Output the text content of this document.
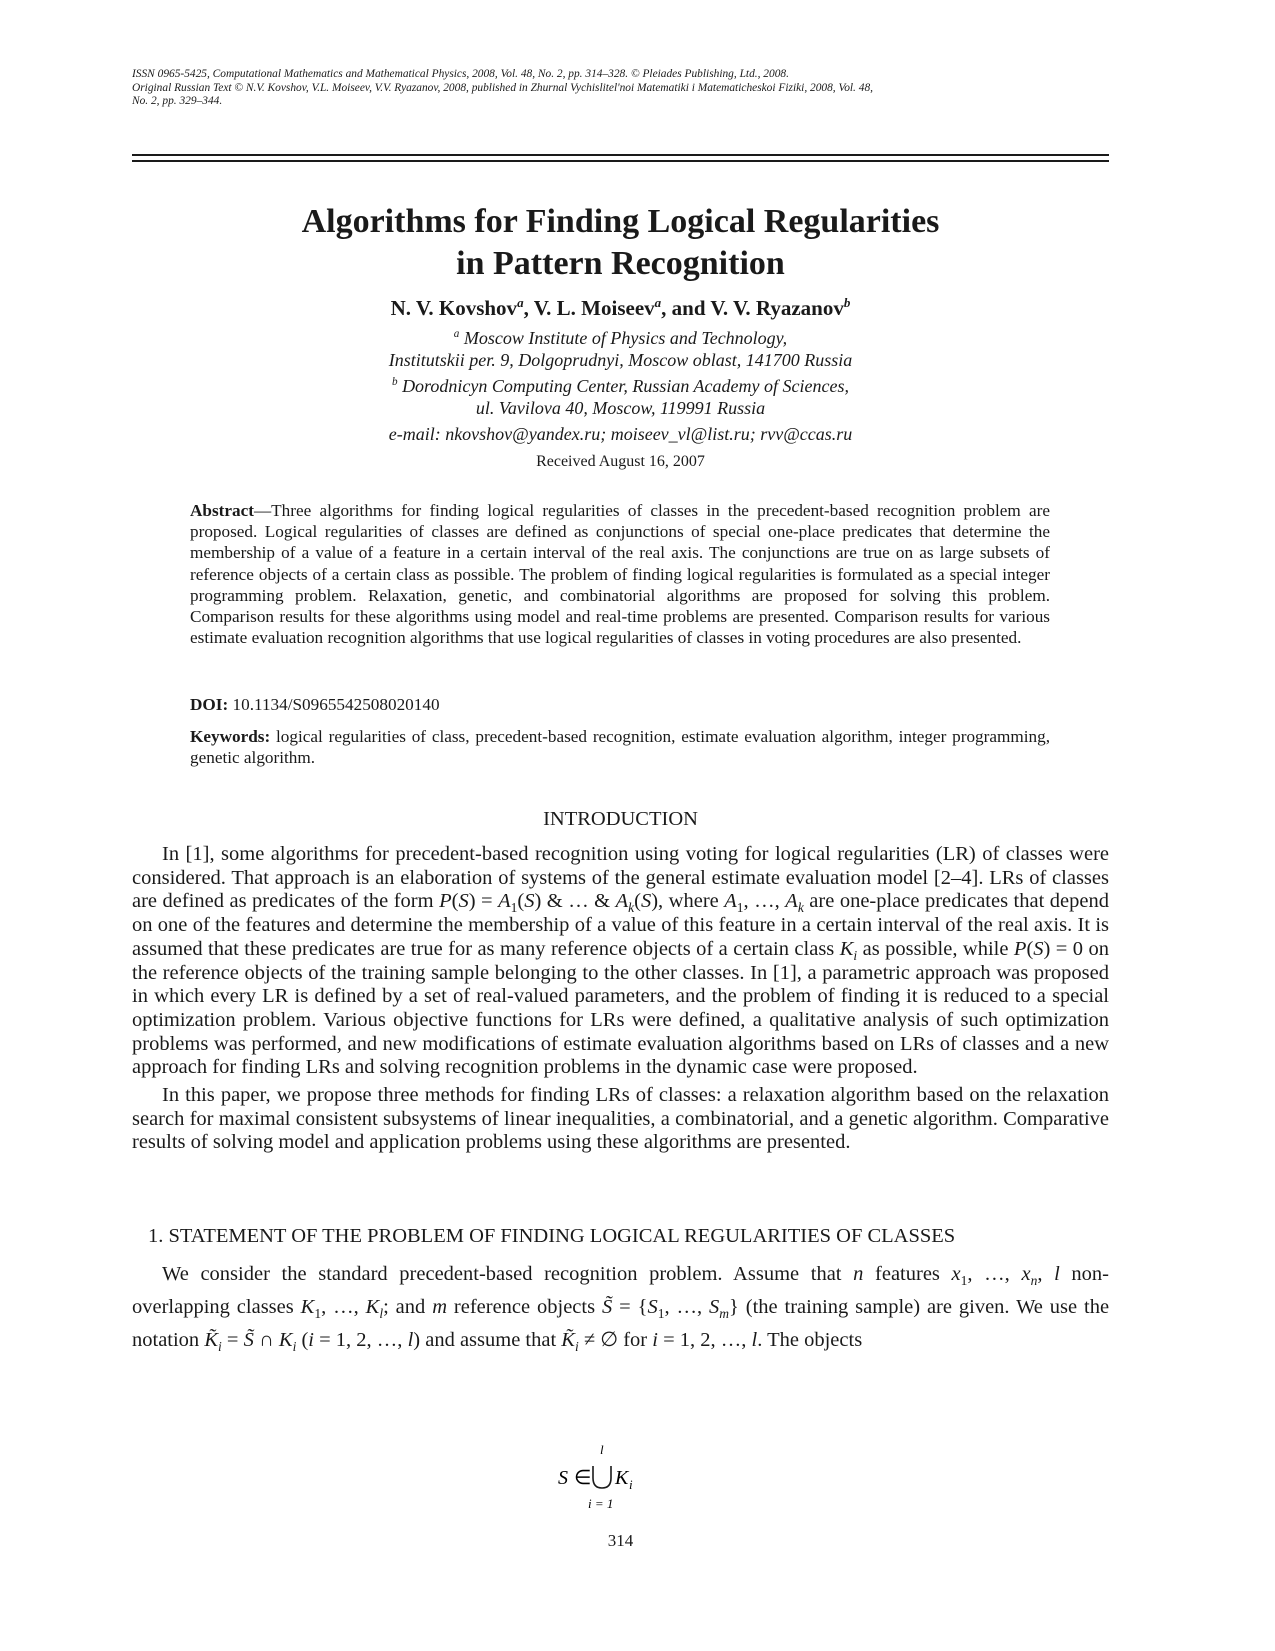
ISSN 0965-5425, Computational Mathematics and Mathematical Physics, 2008, Vol. 48, No. 2, pp. 314–328. © Pleiades Publishing, Ltd., 2008.
Original Russian Text © N.V. Kovshov, V.L. Moiseev, V.V. Ryazanov, 2008, published in Zhurnal Vychislitel'noi Matematiki i Matematicheskoi Fiziki, 2008, Vol. 48,
No. 2, pp. 329–344.
Algorithms for Finding Logical Regularities
in Pattern Recognition
N. V. Kovshov$^a$, V. L. Moiseev$^a$, and V. V. Ryazanov$^b$
$^a$ Moscow Institute of Physics and Technology,
Institutskii per. 9, Dolgoprudnyi, Moscow oblast, 141700 Russia
$^b$ Dorodnicyn Computing Center, Russian Academy of Sciences,
ul. Vavilova 40, Moscow, 119991 Russia
e-mail: nkovshov@yandex.ru; moiseev_vl@list.ru; rvv@ccas.ru
Received August 16, 2007
Abstract—Three algorithms for finding logical regularities of classes in the precedent-based recognition problem are proposed. Logical regularities of classes are defined as conjunctions of special one-place predicates that determine the membership of a value of a feature in a certain interval of the real axis. The conjunctions are true on as large subsets of reference objects of a certain class as possible. The problem of finding logical regularities is formulated as a special integer programming problem. Relaxation, genetic, and combinatorial algorithms are proposed for solving this problem. Comparison results for these algorithms using model and real-time problems are presented. Comparison results for various estimate evaluation recognition algorithms that use logical regularities of classes in voting procedures are also presented.
DOI: 10.1134/S0965542508020140
Keywords: logical regularities of class, precedent-based recognition, estimate evaluation algorithm, integer programming, genetic algorithm.
INTRODUCTION

In [1], some algorithms for precedent-based recognition using voting for logical regularities (LR) of classes were considered. That approach is an elaboration of systems of the general estimate evaluation model [2–4]. LRs of classes are defined as predicates of the form $P(S) = A_1(S)$ & … & $A_k(S)$, where $A_1$, …, $A_k$ are one-place predicates that depend on one of the features and determine the membership of a value of this feature in a certain interval of the real axis. It is assumed that these predicates are true for as many reference objects of a certain class $K_i$ as possible, while P(S) = 0 on the reference objects of the training sample belonging to the other classes. In [1], a parametric approach was proposed in which every LR is defined by a set of real-valued parameters, and the problem of finding it is reduced to a special optimization problem. Various objective functions for LRs were defined, a qualitative analysis of such optimization problems was performed, and new modifications of estimate evaluation algorithms based on LRs of classes and a new approach for finding LRs and solving recognition problems in the dynamic case were proposed.

In this paper, we propose three methods for finding LRs of classes: a relaxation algorithm based on the relaxation search for maximal consistent subsystems of linear inequalities, a combinatorial, and a genetic algorithm. Comparative results of solving model and application problems using these algorithms are presented.

1. STATEMENT OF THE PROBLEM OF FINDING LOGICAL REGULARITIES OF CLASSES

We consider the standard precedent-based recognition problem. Assume that n features $x_1$, …, $x_n$, l non-overlapping classes $K_1$, …, $K_l$; and m reference objects S̃ = {$S_1$, …, $S_m$} (the training sample) are given. We use the notation $K̃_i$ = S̃ ∩ $K_i$ (i = 1, 2, …, l) and assume that $K̃_i$ ≠ ∅ for i = 1, 2, …, l. The objects

l
S ∈ K i
i = 1
314
